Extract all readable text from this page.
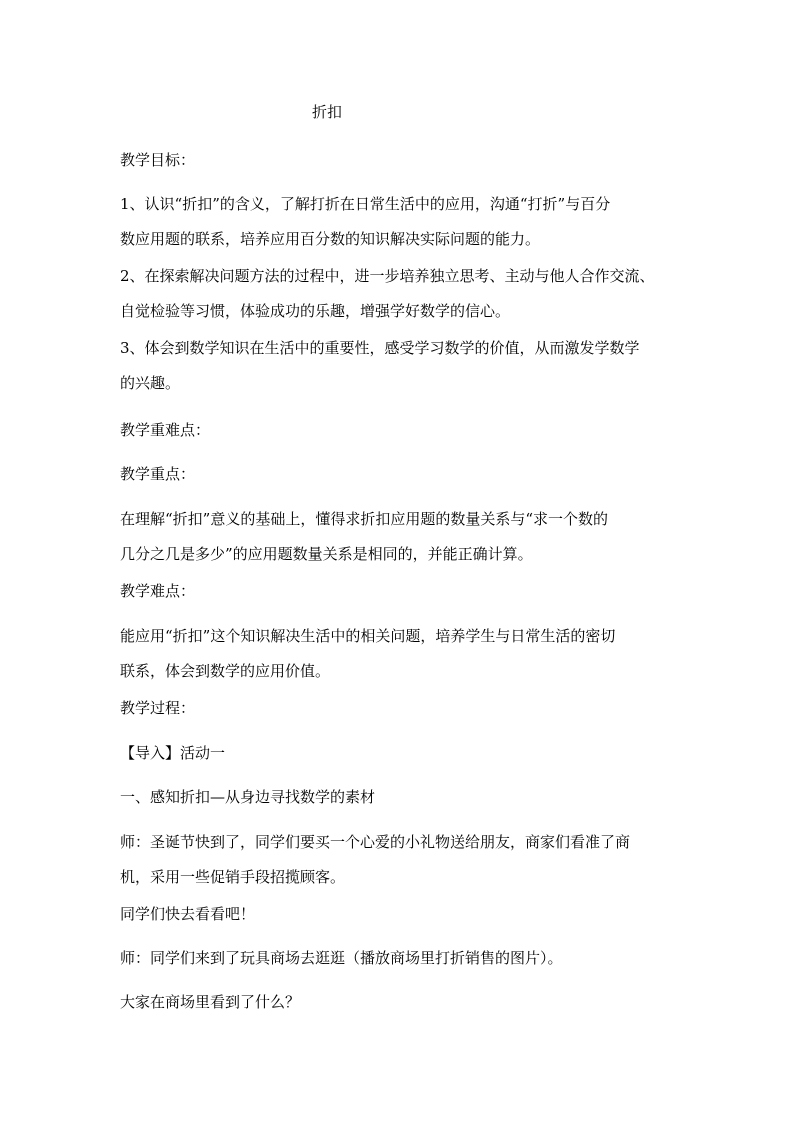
折扣
教学目标：
1、认识“折扣”的含义，了解打折在日常生活中的应用，沟通“打折”与百分
数应用题的联系，培养应用百分数的知识解决实际问题的能力。
2、在探索解决问题方法的过程中，进一步培养独立思考、主动与他人合作交流、
自觉检验等习惯，体验成功的乐趣，增强学好数学的信心。
3、体会到数学知识在生活中的重要性，感受学习数学的价值，从而激发学数学
的兴趣。
教学重难点：
教学重点：
在理解“折扣”意义的基础上，懂得求折扣应用题的数量关系与“求一个数的
几分之几是多少”的应用题数量关系是相同的，并能正确计算。
教学难点：
能应用“折扣”这个知识解决生活中的相关问题，培养学生与日常生活的密切
联系，体会到数学的应用价值。
教学过程：
【导入】活动一
一、感知折扣—从身边寻找数学的素材
师：圣诞节快到了，同学们要买一个心爱的小礼物送给朋友，商家们看准了商
机，采用一些促销手段招揽顾客。
同学们快去看看吧！
师：同学们来到了玩具商场去逛逛（播放商场里打折销售的图片）。
大家在商场里看到了什么？
